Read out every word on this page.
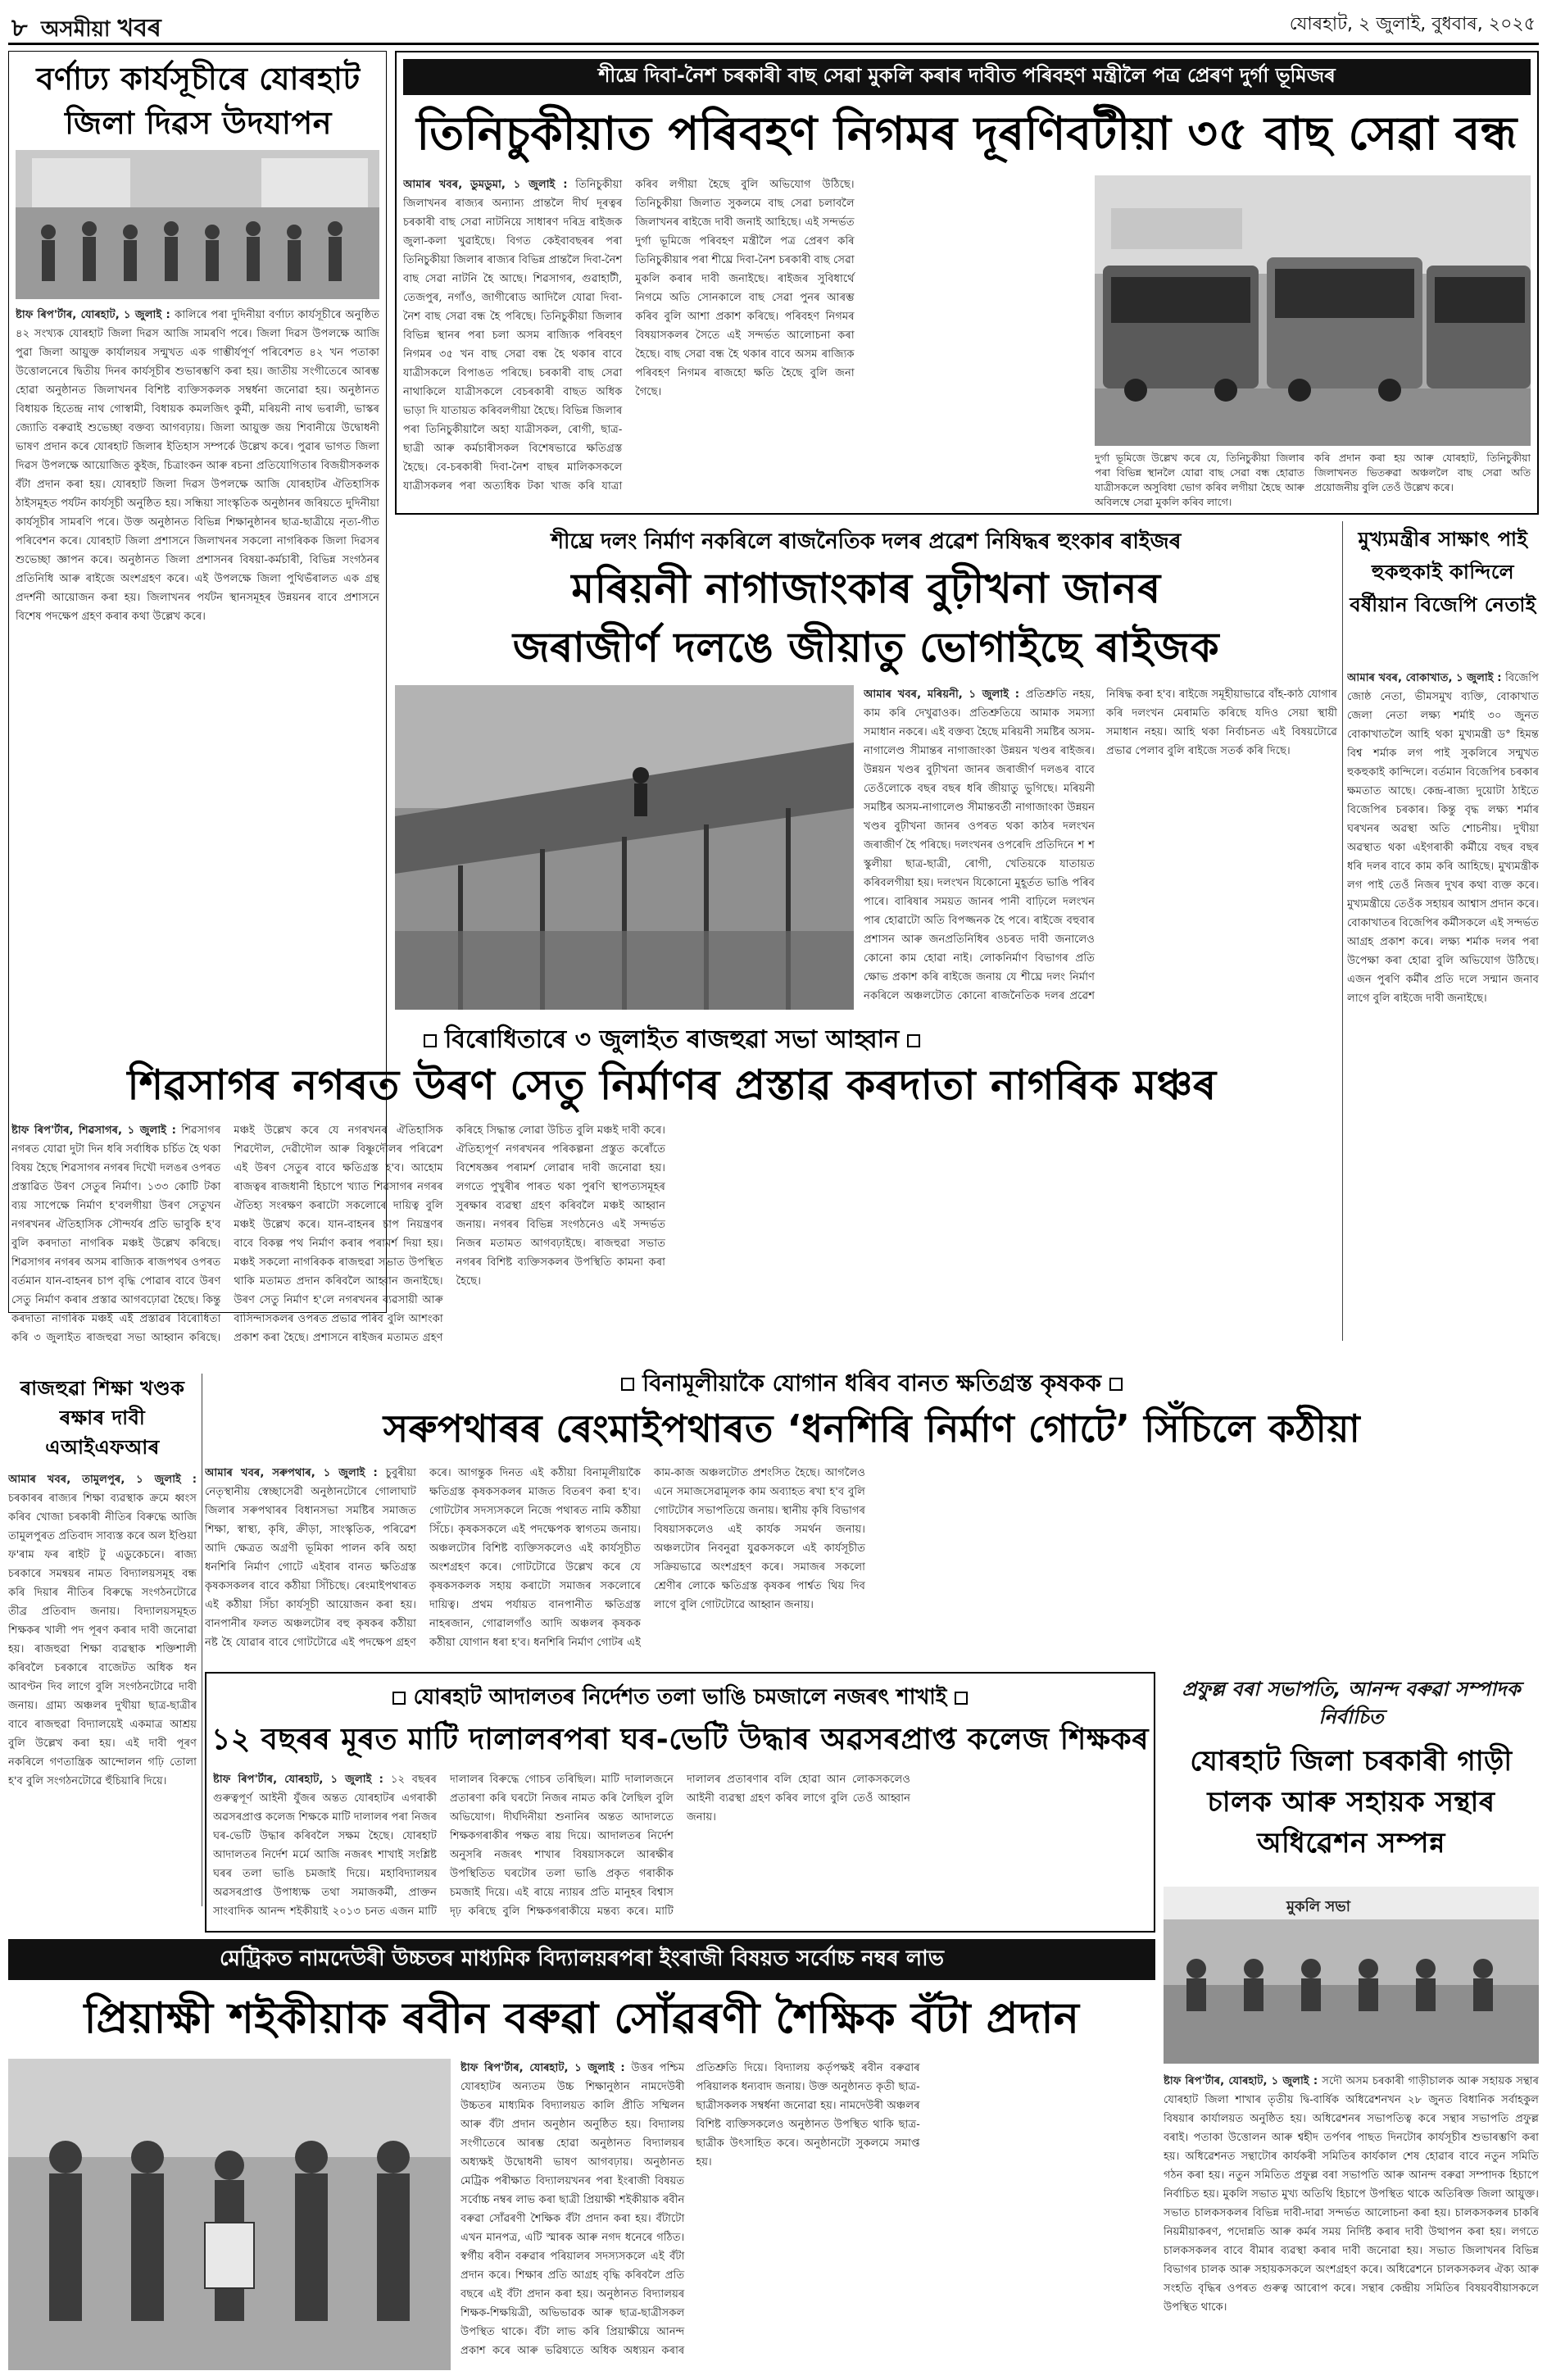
৮ অসমীয়া খবৰ	যোৰহাট, ২ জুলাই, বুধবাৰ, ২০২৫
বৰ্ণাঢ্য কাৰ্যসূচীৰে যোৰহাট জিলা দিৱস উদযাপন
ষ্টাফ ৰিপ'ৰ্টাৰ, যোৰহাট, ১ জুলাই : কালিৰে পৰা দুদিনীয়া বৰ্ণাঢ্য কাৰ্যসূচীৰে অনুষ্ঠিত ৪২ সংখ্যক যোৰহাট জিলা দিৱস আজি সামৰণি পৰে। জিলা দিৱস উপলক্ষে আজি পুৱা জিলা আয়ুক্ত কাৰ্যালয়ৰ সন্মুখত এক গাম্ভীৰ্যপূৰ্ণ পৰিবেশত ৪২ খন পতাকা উত্তোলনেৰে দ্বিতীয় দিনৰ কাৰ্যসূচীৰ শুভাৰম্ভণি কৰা হয়। জাতীয় সংগীতেৰে আৰম্ভ হোৱা অনুষ্ঠানত জিলাখনৰ বিশিষ্ট ব্যক্তিসকলক সম্বৰ্ধনা জনোৱা হয়। অনুষ্ঠানত বিধায়ক হিতেন্দ্ৰ নাথ গোস্বামী, বিধায়ক কমলজিৎ কুৰ্মী, মৰিয়নী নাথ ভৰালী, ভাস্কৰ জ্যোতি বৰুৱাই শুভেচ্ছা বক্তব্য আগবঢ়ায়। জিলা আয়ুক্ত জয় শিবানীয়ে উদ্বোধনী ভাষণ প্ৰদান কৰে যোৰহাট জিলাৰ ইতিহাস সম্পৰ্কে উল্লেখ কৰে। পুৱাৰ ভাগত জিলা দিৱস উপলক্ষে আয়োজিত কুইজ, চিত্ৰাংকন আৰু ৰচনা প্ৰতিযোগিতাৰ বিজয়ীসকলক বঁটা প্ৰদান কৰা হয়। যোৰহাট জিলা দিৱস উপলক্ষে আজি যোৰহাটৰ ঐতিহাসিক ঠাইসমূহত পৰ্যটন কাৰ্যসূচী অনুষ্ঠিত হয়। সন্ধিয়া সাংস্কৃতিক অনুষ্ঠানৰ জৰিয়তে দুদিনীয়া কাৰ্যসূচীৰ সামৰণি পৰে। উক্ত অনুষ্ঠানত বিভিন্ন শিক্ষানুষ্ঠানৰ ছাত্ৰ-ছাত্ৰীয়ে নৃত্য-গীত পৰিবেশন কৰে। যোৰহাট জিলা প্ৰশাসনে জিলাখনৰ সকলো নাগৰিকক জিলা দিৱসৰ শুভেচ্ছা জ্ঞাপন কৰে। অনুষ্ঠানত জিলা প্ৰশাসনৰ বিষয়া-কৰ্মচাৰী, বিভিন্ন সংগঠনৰ প্ৰতিনিধি আৰু ৰাইজে অংশগ্ৰহণ কৰে। এই উপলক্ষে জিলা পুথিভঁৰালত এক গ্ৰন্থ প্ৰদৰ্শনী আয়োজন কৰা হয়। জিলাখনৰ পৰ্যটন স্থানসমূহৰ উন্নয়নৰ বাবে প্ৰশাসনে বিশেষ পদক্ষেপ গ্ৰহণ কৰাৰ কথা উল্লেখ কৰে।
শীঘ্ৰে দিবা-নৈশ চৰকাৰী বাছ সেৱা মুকলি কৰাৰ দাবীত পৰিবহণ মন্ত্ৰীলৈ পত্ৰ প্ৰেৰণ দুৰ্গা ভূমিজৰ
তিনিচুকীয়াত পৰিবহণ নিগমৰ দূৰণিবটীয়া ৩৫ বাছ সেৱা বন্ধ
আমাৰ খবৰ, ডুমডুমা, ১ জুলাই : তিনিচুকীয়া জিলাখনৰ ৰাজ্যৰ অন্যান্য প্ৰান্তলৈ দীৰ্ঘ দূৰত্বৰ চৰকাৰী বাছ সেৱা নাটনিয়ে সাধাৰণ দৰিদ্ৰ ৰাইজক জুলা-কলা খুৱাইছে। বিগত কেইবাবছৰৰ পৰা তিনিচুকীয়া জিলাৰ ৰাজ্যৰ বিভিন্ন প্ৰান্তলৈ দিবা-নৈশ বাছ সেৱা নাটনি হৈ আছে। শিৱসাগৰ, গুৱাহাটী, তেজপুৰ, নগাঁও, জাগীৰোড আদিলৈ যোৱা দিবা-নৈশ বাছ সেৱা বন্ধ হৈ পৰিছে। তিনিচুকীয়া জিলাৰ বিভিন্ন স্থানৰ পৰা চলা অসম ৰাজ্যিক পৰিবহণ নিগমৰ ৩৫ খন বাছ সেৱা বন্ধ হৈ থকাৰ বাবে যাত্ৰীসকলে বিপাঙত পৰিছে। চৰকাৰী বাছ সেৱা নাথাকিলে যাত্ৰীসকলে বেচৰকাৰী বাছত অধিক ভাড়া দি যাতায়ত কৰিবলগীয়া হৈছে। বিভিন্ন জিলাৰ পৰা তিনিচুকীয়ালৈ অহা যাত্ৰীসকল, ৰোগী, ছাত্ৰ-ছাত্ৰী আৰু কৰ্মচাৰীসকল বিশেষভাৱে ক্ষতিগ্ৰস্ত হৈছে। বে-চৰকাৰী দিবা-নৈশ বাছৰ মালিকসকলে যাত্ৰীসকলৰ পৰা অত্যধিক টকা খাজ কৰি যাত্ৰা কৰিব লগীয়া হৈছে বুলি অভিযোগ উঠিছে। তিনিচুকীয়া জিলাত সুকলমে বাছ সেৱা চলাবলৈ জিলাখনৰ ৰাইজে দাবী জনাই আহিছে। এই সন্দৰ্ভত দুৰ্গা ভূমিজে পৰিবহণ মন্ত্ৰীলৈ পত্ৰ প্ৰেৰণ কৰি তিনিচুকীয়াৰ পৰা শীঘ্ৰে দিবা-নৈশ চৰকাৰী বাছ সেৱা মুকলি কৰাৰ দাবী জনাইছে। ৰাইজৰ সুবিধাৰ্থে নিগমে অতি সোনকালে বাছ সেৱা পুনৰ আৰম্ভ কৰিব বুলি আশা প্ৰকাশ কৰিছে। পৰিবহণ নিগমৰ বিষয়াসকলৰ সৈতে এই সন্দৰ্ভত আলোচনা কৰা হৈছে। বাছ সেৱা বন্ধ হৈ থকাৰ বাবে অসম ৰাজ্যিক পৰিবহণ নিগমৰ ৰাজহো ক্ষতি হৈছে বুলি জনা গৈছে।
দুৰ্গা ভূমিজে উল্লেখ কৰে যে, তিনিচুকীয়া জিলাৰ পৰা বিভিন্ন স্থানলৈ যোৱা বাছ সেৱা বন্ধ হোৱাত যাত্ৰীসকলে অসুবিধা ভোগ কৰিব লগীয়া হৈছে আৰু অবিলম্বে সেৱা মুকলি কৰিব লাগে।
কৰি প্ৰদান কৰা হয় আৰু যোৰহাট, তিনিচুকীয়া জিলাখনত ভিতৰুৱা অঞ্চললৈ বাছ সেৱা অতি প্ৰয়োজনীয় বুলি তেওঁ উল্লেখ কৰে।
শীঘ্ৰে দলং নিৰ্মাণ নকৰিলে ৰাজনৈতিক দলৰ প্ৰৱেশ নিষিদ্ধৰ হুংকাৰ ৰাইজৰ
মৰিয়নী নাগাজাংকাৰ বুঢ়ীখনা জানৰ
জৰাজীৰ্ণ দলঙে জীয়াতু ভোগাইছে ৰাইজক
আমাৰ খবৰ, মৰিয়নী, ১ জুলাই : প্ৰতিশ্ৰুতি নহয়, কাম কৰি দেখুৱাওক। প্ৰতিশ্ৰুতিয়ে আমাক সমস্যা সমাধান নকৰে। এই বক্তব্য হৈছে মৰিয়নী সমষ্টিৰ অসম-নাগালেণ্ড সীমান্তৰ নাগাজাংকা উন্নয়ন খণ্ডৰ ৰাইজৰ। উন্নয়ন খণ্ডৰ বুঢ়ীখনা জানৰ জৰাজীৰ্ণ দলঙৰ বাবে তেওঁলোকে বছৰ বছৰ ধৰি জীয়াতু ভুগিছে। মৰিয়নী সমষ্টিৰ অসম-নাগালেণ্ড সীমান্তবৰ্তী নাগাজাংকা উন্নয়ন খণ্ডৰ বুঢ়ীখনা জানৰ ওপৰত থকা কাঠৰ দলংখন জৰাজীৰ্ণ হৈ পৰিছে। দলংখনৰ ওপৰেদি প্ৰতিদিনে শ শ স্কুলীয়া ছাত্ৰ-ছাত্ৰী, ৰোগী, খেতিয়কে যাতায়ত কৰিবলগীয়া হয়। দলংখন যিকোনো মুহূৰ্তত ভাঙি পৰিব পাৰে। বাৰিষাৰ সময়ত জানৰ পানী বাঢ়িলে দলংখন পাৰ হোৱাটো অতি বিপজ্জনক হৈ পৰে। ৰাইজে বহুবাৰ প্ৰশাসন আৰু জনপ্ৰতিনিধিৰ ওচৰত দাবী জনালেও কোনো কাম হোৱা নাই। লোকনিৰ্মাণ বিভাগৰ প্ৰতি ক্ষোভ প্ৰকাশ কৰি ৰাইজে জনায় যে শীঘ্ৰে দলং নিৰ্মাণ নকৰিলে অঞ্চলটোত কোনো ৰাজনৈতিক দলৰ প্ৰৱেশ নিষিদ্ধ কৰা হ'ব। ৰাইজে সমূহীয়াভাৱে বাঁহ-কাঠ যোগাৰ কৰি দলংখন মেৰামতি কৰিছে যদিও সেয়া স্থায়ী সমাধান নহয়। আহি থকা নিৰ্বাচনত এই বিষয়টোৱে প্ৰভাৱ পেলাব বুলি ৰাইজে সতৰ্ক কৰি দিছে।
মুখ্যমন্ত্ৰীৰ সাক্ষাৎ পাই হুকহুকাই কান্দিলে বৰ্ষীয়ান বিজেপি নেতাই
আমাৰ খবৰ, বোকাখাত, ১ জুলাই : বিজেপি জোষ্ঠ নেতা, ভীমসমুখ ব্যক্তি, বোকাখাত জেলা নেতা লক্ষ্য শৰ্মাই ৩০ জুনত বোকাখাতলৈ আহি থকা মুখ্যমন্ত্ৰী ড° হিমন্ত বিশ্ব শৰ্মাক লগ পাই সুকলিৰে সন্মুখত হুকহুকাই কান্দিলে। বৰ্তমান বিজেপিৰ চৰকাৰ ক্ষমতাত আছে। কেন্দ্ৰ-ৰাজ্য দুয়োটা ঠাইতে বিজেপিৰ চৰকাৰ। কিন্তু বৃদ্ধ লক্ষ্য শৰ্মাৰ ঘৰখনৰ অৱস্থা অতি শোচনীয়। দুখীয়া অৱস্থাত থকা এইগৰাকী কৰ্মীয়ে বছৰ বছৰ ধৰি দলৰ বাবে কাম কৰি আহিছে। মুখ্যমন্ত্ৰীক লগ পাই তেওঁ নিজৰ দুখৰ কথা ব্যক্ত কৰে। মুখ্যমন্ত্ৰীয়ে তেওঁক সহায়ৰ আশ্বাস প্ৰদান কৰে। বোকাখাতৰ বিজেপিৰ কৰ্মীসকলে এই সন্দৰ্ভত আগ্ৰহ প্ৰকাশ কৰে। লক্ষ্য শৰ্মাক দলৰ পৰা উপেক্ষা কৰা হোৱা বুলি অভিযোগ উঠিছে। এজন পুৰণি কৰ্মীৰ প্ৰতি দলে সন্মান জনাব লাগে বুলি ৰাইজে দাবী জনাইছে।
বিৰোধিতাৰে ৩ জুলাইত ৰাজহুৱা সভা আহ্বান
শিৱসাগৰ নগৰত উৰণ সেতু নিৰ্মাণৰ প্ৰস্তাৱ কৰদাতা নাগৰিক মঞ্চৰ
ষ্টাফ ৰিপ'ৰ্টাৰ, শিৱসাগৰ, ১ জুলাই : শিৱসাগৰ নগৰত যোৱা দুটা দিন ধৰি সৰ্বাধিক চৰ্চিত হৈ থকা বিষয় হৈছে শিৱসাগৰ নগৰৰ দিখৌ দলঙৰ ওপৰত প্ৰস্তাৱিত উৰণ সেতুৰ নিৰ্মাণ। ১৩৩ কোটি টকা ব্যয় সাপেক্ষে নিৰ্মাণ হ'বলগীয়া উৰণ সেতুখন নগৰখনৰ ঐতিহাসিক সৌন্দৰ্যৰ প্ৰতি ভাবুকি হ'ব বুলি কৰদাতা নাগৰিক মঞ্চই উল্লেখ কৰিছে। শিৱসাগৰ নগৰৰ অসম ৰাজ্যিক ৰাজপথৰ ওপৰত বৰ্তমান যান-বাহনৰ চাপ বৃদ্ধি পোৱাৰ বাবে উৰণ সেতু নিৰ্মাণ কৰাৰ প্ৰস্তাৱ আগবঢ়োৱা হৈছে। কিন্তু কৰদাতা নাগৰিক মঞ্চই এই প্ৰস্তাৱৰ বিৰোধিতা কৰি ৩ জুলাইত ৰাজহুৱা সভা আহ্বান কৰিছে। মঞ্চই উল্লেখ কৰে যে নগৰখনৰ ঐতিহাসিক শিৱদৌল, দেৱীদৌল আৰু বিষ্ণুদৌলৰ পৰিৱেশ এই উৰণ সেতুৰ বাবে ক্ষতিগ্ৰস্ত হ'ব। আহোম ৰাজত্বৰ ৰাজধানী হিচাপে খ্যাত শিৱসাগৰ নগৰৰ ঐতিহ্য সংৰক্ষণ কৰাটো সকলোৰে দায়িত্ব বুলি মঞ্চই উল্লেখ কৰে। যান-বাহনৰ চাপ নিয়ন্ত্ৰণৰ বাবে বিকল্প পথ নিৰ্মাণ কৰাৰ পৰামৰ্শ দিয়া হয়। মঞ্চই সকলো নাগৰিকক ৰাজহুৱা সভাত উপস্থিত থাকি মতামত প্ৰদান কৰিবলৈ আহ্বান জনাইছে। উৰণ সেতু নিৰ্মাণ হ'লে নগৰখনৰ ব্যৱসায়ী আৰু বাসিন্দাসকলৰ ওপৰত প্ৰভাৱ পৰিব বুলি আশংকা প্ৰকাশ কৰা হৈছে। প্ৰশাসনে ৰাইজৰ মতামত গ্ৰহণ কৰিহে সিদ্ধান্ত লোৱা উচিত বুলি মঞ্চই দাবী কৰে। ঐতিহ্যপূৰ্ণ নগৰখনৰ পৰিকল্পনা প্ৰস্তুত কৰোঁতে বিশেষজ্ঞৰ পৰামৰ্শ লোৱাৰ দাবী জনোৱা হয়। লগতে পুখুৰীৰ পাৰত থকা পুৰণি স্থাপত্যসমূহৰ সুৰক্ষাৰ ব্যৱস্থা গ্ৰহণ কৰিবলৈ মঞ্চই আহ্বান জনায়। নগৰৰ বিভিন্ন সংগঠনেও এই সন্দৰ্ভত নিজৰ মতামত আগবঢ়াইছে। ৰাজহুৱা সভাত নগৰৰ বিশিষ্ট ব্যক্তিসকলৰ উপস্থিতি কামনা কৰা হৈছে।
ৰাজহুৱা শিক্ষা খণ্ডক ৰক্ষাৰ দাবী এআইএফআৰ
আমাৰ খবৰ, তামুলপুৰ, ১ জুলাই : চৰকাৰৰ ৰাজ্যৰ শিক্ষা ব্যৱস্থাক ক্ৰমে ধ্বংস কৰিব খোজা চৰকাৰী নীতিৰ বিৰুদ্ধে আজি তামুলপুৰত প্ৰতিবাদ সাব্যস্ত কৰে অল ইণ্ডিয়া ফ'ৰাম ফৰ ৰাইট টু এডুকেচনে। ৰাজ্য চৰকাৰে সমন্বয়ৰ নামত বিদ্যালয়সমূহ বন্ধ কৰি দিয়াৰ নীতিৰ বিৰুদ্ধে সংগঠনটোৱে তীব্ৰ প্ৰতিবাদ জনায়। বিদ্যালয়সমূহত শিক্ষকৰ খালী পদ পূৰণ কৰাৰ দাবী জনোৱা হয়। ৰাজহুৱা শিক্ষা ব্যৱস্থাক শক্তিশালী কৰিবলৈ চৰকাৰে বাজেটত অধিক ধন আবণ্টন দিব লাগে বুলি সংগঠনটোৱে দাবী জনায়। গ্ৰাম্য অঞ্চলৰ দুখীয়া ছাত্ৰ-ছাত্ৰীৰ বাবে ৰাজহুৱা বিদ্যালয়েই একমাত্ৰ আশ্ৰয় বুলি উল্লেখ কৰা হয়। এই দাবী পূৰণ নকৰিলে গণতান্ত্ৰিক আন্দোলন গঢ়ি তোলা হ'ব বুলি সংগঠনটোৱে হুঁচিয়াৰি দিয়ে।
বিনামূলীয়াকৈ যোগান ধৰিব বানত ক্ষতিগ্ৰস্ত কৃষকক
সৰুপথাৰৰ ৰেংমাইপথাৰত ‘ধনশিৰি নিৰ্মাণ গোটে’ সিঁচিলে কঠীয়া
আমাৰ খবৰ, সৰুপথাৰ, ১ জুলাই : চুবুৰীয়া নেতৃস্থানীয় স্বেচ্ছাসেৱী অনুষ্ঠানটোৰে গোলাঘাট জিলাৰ সৰুপথাৰৰ বিধানসভা সমষ্টিৰ সমাজত শিক্ষা, স্বাস্থ্য, কৃষি, ক্ৰীড়া, সাংস্কৃতিক, পৰিৱেশ আদি ক্ষেত্ৰত অগ্ৰণী ভূমিকা পালন কৰি অহা ধনশিৰি নিৰ্মাণ গোটে এইবাৰ বানত ক্ষতিগ্ৰস্ত কৃষকসকলৰ বাবে কঠীয়া সিঁচিছে। ৰেংমাইপথাৰত এই কঠীয়া সিঁচা কাৰ্যসূচী আয়োজন কৰা হয়। বানপানীৰ ফলত অঞ্চলটোৰ বহু কৃষকৰ কঠীয়া নষ্ট হৈ যোৱাৰ বাবে গোটটোৱে এই পদক্ষেপ গ্ৰহণ কৰে। আগন্তুক দিনত এই কঠীয়া বিনামূলীয়াকৈ ক্ষতিগ্ৰস্ত কৃষকসকলৰ মাজত বিতৰণ কৰা হ'ব। গোটটোৰ সদস্যসকলে নিজে পথাৰত নামি কঠীয়া সিঁচে। কৃষকসকলে এই পদক্ষেপক স্বাগতম জনায়। অঞ্চলটোৰ বিশিষ্ট ব্যক্তিসকলেও এই কাৰ্যসূচীত অংশগ্ৰহণ কৰে। গোটটোৱে উল্লেখ কৰে যে কৃষকসকলক সহায় কৰাটো সমাজৰ সকলোৰে দায়িত্ব। প্ৰথম পৰ্যায়ত বানপানীত ক্ষতিগ্ৰস্ত নাহৰজান, গোৱালগাঁও আদি অঞ্চলৰ কৃষকক কঠীয়া যোগান ধৰা হ'ব। ধনশিৰি নিৰ্মাণ গোটৰ এই কাম-কাজ অঞ্চলটোত প্ৰশংসিত হৈছে। আগলৈও এনে সমাজসেৱামূলক কাম অব্যাহত ৰখা হ'ব বুলি গোটটোৰ সভাপতিয়ে জনায়। স্থানীয় কৃষি বিভাগৰ বিষয়াসকলেও এই কাৰ্যক সমৰ্থন জনায়। অঞ্চলটোৰ নিবনুৱা যুৱকসকলে এই কাৰ্যসূচীত সক্ৰিয়ভাৱে অংশগ্ৰহণ কৰে। সমাজৰ সকলো শ্ৰেণীৰ লোকে ক্ষতিগ্ৰস্ত কৃষকৰ পাৰ্শ্বত থিয় দিব লাগে বুলি গোটটোৱে আহ্বান জনায়।
যোৰহাট আদালতৰ নিৰ্দেশত তলা ভাঙি চমজালে নজৰৎ শাখাই
১২ বছৰৰ মূৰত মাটি দালালৰপৰা ঘৰ-ভেটি উদ্ধাৰ অৱসৰপ্ৰাপ্ত কলেজ শিক্ষকৰ
ষ্টাফ ৰিপ'ৰ্টাৰ, যোৰহাট, ১ জুলাই : ১২ বছৰৰ গুৰুত্বপূৰ্ণ আইনী যুঁজৰ অন্তত যোৰহাটৰ এগৰাকী অৱসৰপ্ৰাপ্ত কলেজ শিক্ষকে মাটি দালালৰ পৰা নিজৰ ঘৰ-ভেটি উদ্ধাৰ কৰিবলৈ সক্ষম হৈছে। যোৰহাট আদালতৰ নিৰ্দেশ মৰ্মে আজি নজৰৎ শাখাই সংশ্লিষ্ট ঘৰৰ তলা ভাঙি চমজাই দিয়ে। মহাবিদ্যালয়ৰ অৱসৰপ্ৰাপ্ত উপাধ্যক্ষ তথা সমাজকৰ্মী, প্ৰাক্তন সাংবাদিক আনন্দ শইকীয়াই ২০১৩ চনত এজন মাটি দালালৰ বিৰুদ্ধে গোচৰ তৰিছিল। মাটি দালালজনে প্ৰতাৰণা কৰি ঘৰটো নিজৰ নামত কৰি লৈছিল বুলি অভিযোগ। দীৰ্ঘদিনীয়া শুনানিৰ অন্তত আদালতে শিক্ষকগৰাকীৰ পক্ষত ৰায় দিয়ে। আদালতৰ নিৰ্দেশ অনুসৰি নজৰৎ শাখাৰ বিষয়াসকলে আৰক্ষীৰ উপস্থিতিত ঘৰটোৰ তলা ভাঙি প্ৰকৃত গৰাকীক চমজাই দিয়ে। এই ৰায়ে ন্যায়ৰ প্ৰতি মানুহৰ বিশ্বাস দৃঢ় কৰিছে বুলি শিক্ষকগৰাকীয়ে মন্তব্য কৰে। মাটি দালালৰ প্ৰতাৰণাৰ বলি হোৱা আন লোকসকলেও আইনী ব্যৱস্থা গ্ৰহণ কৰিব লাগে বুলি তেওঁ আহ্বান জনায়।
প্ৰফুল্ল বৰা সভাপতি, আনন্দ বৰুৱা সম্পাদক নিৰ্বাচিত
যোৰহাট জিলা চৰকাৰী গাড়ী চালক আৰু সহায়ক সন্থাৰ অধিৱেশন সম্পন্ন
মুকলি সভা
ষ্টাফ ৰিপ'ৰ্টাৰ, যোৰহাট, ১ জুলাই : সদৌ অসম চৰকাৰী গাড়ীচালক আৰু সহায়ক সন্থাৰ যোৰহাট জিলা শাখাৰ তৃতীয় দ্বি-বাৰ্ষিক অধিৱেশনখন ২৮ জুনত বিধানিক সৰ্বাহকুল বিষয়াৰ কাৰ্যালয়ত অনুষ্ঠিত হয়। অধিৱেশনৰ সভাপতিত্ব কৰে সন্থাৰ সভাপতি প্ৰফুল্ল বৰাই। পতাকা উত্তোলন আৰু শ্বহীদ তৰ্পণৰ পাছত দিনটোৰ কাৰ্যসূচীৰ শুভাৰম্ভণি কৰা হয়। অধিৱেশনত সন্থাটোৰ কাৰ্যকৰী সমিতিৰ কাৰ্যকাল শেষ হোৱাৰ বাবে নতুন সমিতি গঠন কৰা হয়। নতুন সমিতিত প্ৰফুল্ল বৰা সভাপতি আৰু আনন্দ বৰুৱা সম্পাদক হিচাপে নিৰ্বাচিত হয়। মুকলি সভাত মুখ্য অতিথি হিচাপে উপস্থিত থাকে অতিৰিক্ত জিলা আয়ুক্ত। সভাত চালকসকলৰ বিভিন্ন দাবী-দাৱা সন্দৰ্ভত আলোচনা কৰা হয়। চালকসকলৰ চাকৰি নিয়মীয়াকৰণ, পদোন্নতি আৰু কৰ্মৰ সময় নিৰ্দিষ্ট কৰাৰ দাবী উত্থাপন কৰা হয়। লগতে চালকসকলৰ বাবে বীমাৰ ব্যৱস্থা কৰাৰ দাবী জনোৱা হয়। সভাত জিলাখনৰ বিভিন্ন বিভাগৰ চালক আৰু সহায়কসকলে অংশগ্ৰহণ কৰে। অধিৱেশনে চালকসকলৰ ঐক্য আৰু সংহতি বৃদ্ধিৰ ওপৰত গুৰুত্ব আৰোপ কৰে। সন্থাৰ কেন্দ্ৰীয় সমিতিৰ বিষয়ববীয়াসকলে উপস্থিত থাকে।
মেট্ৰিকত নামদেউৰী উচ্চতৰ মাধ্যমিক বিদ্যালয়ৰপৰা ইংৰাজী বিষয়ত সৰ্বোচ্চ নম্বৰ লাভ
প্ৰিয়াক্ষী শইকীয়াক ৰবীন বৰুৱা সোঁৱৰণী শৈক্ষিক বঁটা প্ৰদান
ষ্টাফ ৰিপ'ৰ্টাৰ, যোৰহাট, ১ জুলাই : উত্তৰ পশ্চিম যোৰহাটৰ অন্যতম উচ্চ শিক্ষানুষ্ঠান নামদেউৰী উচ্চতৰ মাধ্যমিক বিদ্যালয়ত কালি প্ৰীতি সম্মিলন আৰু বঁটা প্ৰদান অনুষ্ঠান অনুষ্ঠিত হয়। বিদ্যালয় সংগীতেৰে আৰম্ভ হোৱা অনুষ্ঠানত বিদ্যালয়ৰ অধ্যক্ষই উদ্বোধনী ভাষণ আগবঢ়ায়। অনুষ্ঠানত মেট্ৰিক পৰীক্ষাত বিদ্যালয়খনৰ পৰা ইংৰাজী বিষয়ত সৰ্বোচ্চ নম্বৰ লাভ কৰা ছাত্ৰী প্ৰিয়াক্ষী শইকীয়াক ৰবীন বৰুৱা সোঁৱৰণী শৈক্ষিক বঁটা প্ৰদান কৰা হয়। বঁটাটো এখন মানপত্ৰ, এটি স্মাৰক আৰু নগদ ধনেৰে গঠিত। স্বৰ্গীয় ৰবীন বৰুৱাৰ পৰিয়ালৰ সদস্যসকলে এই বঁটা প্ৰদান কৰে। শিক্ষাৰ প্ৰতি আগ্ৰহ বৃদ্ধি কৰিবলৈ প্ৰতি বছৰে এই বঁটা প্ৰদান কৰা হয়। অনুষ্ঠানত বিদ্যালয়ৰ শিক্ষক-শিক্ষয়িত্ৰী, অভিভাৱক আৰু ছাত্ৰ-ছাত্ৰীসকল উপস্থিত থাকে। বঁটা লাভ কৰি প্ৰিয়াক্ষীয়ে আনন্দ প্ৰকাশ কৰে আৰু ভৱিষ্যতে অধিক অধ্যয়ন কৰাৰ প্ৰতিশ্ৰুতি দিয়ে। বিদ্যালয় কৰ্তৃপক্ষই ৰবীন বৰুৱাৰ পৰিয়ালক ধন্যবাদ জনায়। উক্ত অনুষ্ঠানত কৃতী ছাত্ৰ-ছাত্ৰীসকলক সম্বৰ্ধনা জনোৱা হয়। নামদেউৰী অঞ্চলৰ বিশিষ্ট ব্যক্তিসকলেও অনুষ্ঠানত উপস্থিত থাকি ছাত্ৰ-ছাত্ৰীক উৎসাহিত কৰে। অনুষ্ঠানটো সুকলমে সমাপ্ত হয়।
